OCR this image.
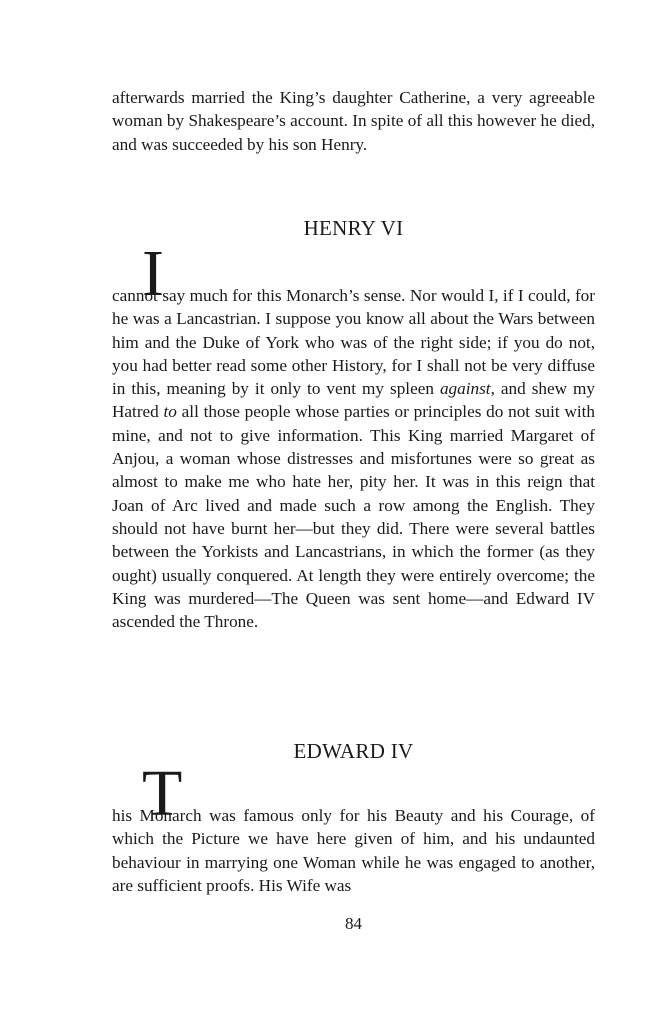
afterwards married the King’s daughter Catherine, a very agreeable woman by Shakespeare’s account. In spite of all this however he died, and was succeeded by his son Henry.

HENRY VI

I
cannot say much for this Monarch’s sense. Nor would I, if I could, for he was a Lancastrian. I suppose you know all about the Wars between him and the Duke of York who was of the right side; if you do not, you had better read some other History, for I shall not be very diffuse in this, meaning by it only to vent my spleen against, and shew my Hatred to all those people whose parties or principles do not suit with mine, and not to give information. This King married Margaret of Anjou, a woman whose distresses and misfortunes were so great as almost to make me who hate her, pity her. It was in this reign that Joan of Arc lived and made such a row among the English. They should not have burnt her—but they did. There were several battles between the Yorkists and Lancastrians, in which the former (as they ought) usually conquered. At length they were entirely overcome; the King was murdered—The Queen was sent home—and Edward IV ascended the Throne.

EDWARD IV

T
his Monarch was famous only for his Beauty and his Courage, of which the Picture we have here given of him, and his undaunted behaviour in marrying one Woman while he was engaged to another, are sufficient proofs. His Wife was

84
